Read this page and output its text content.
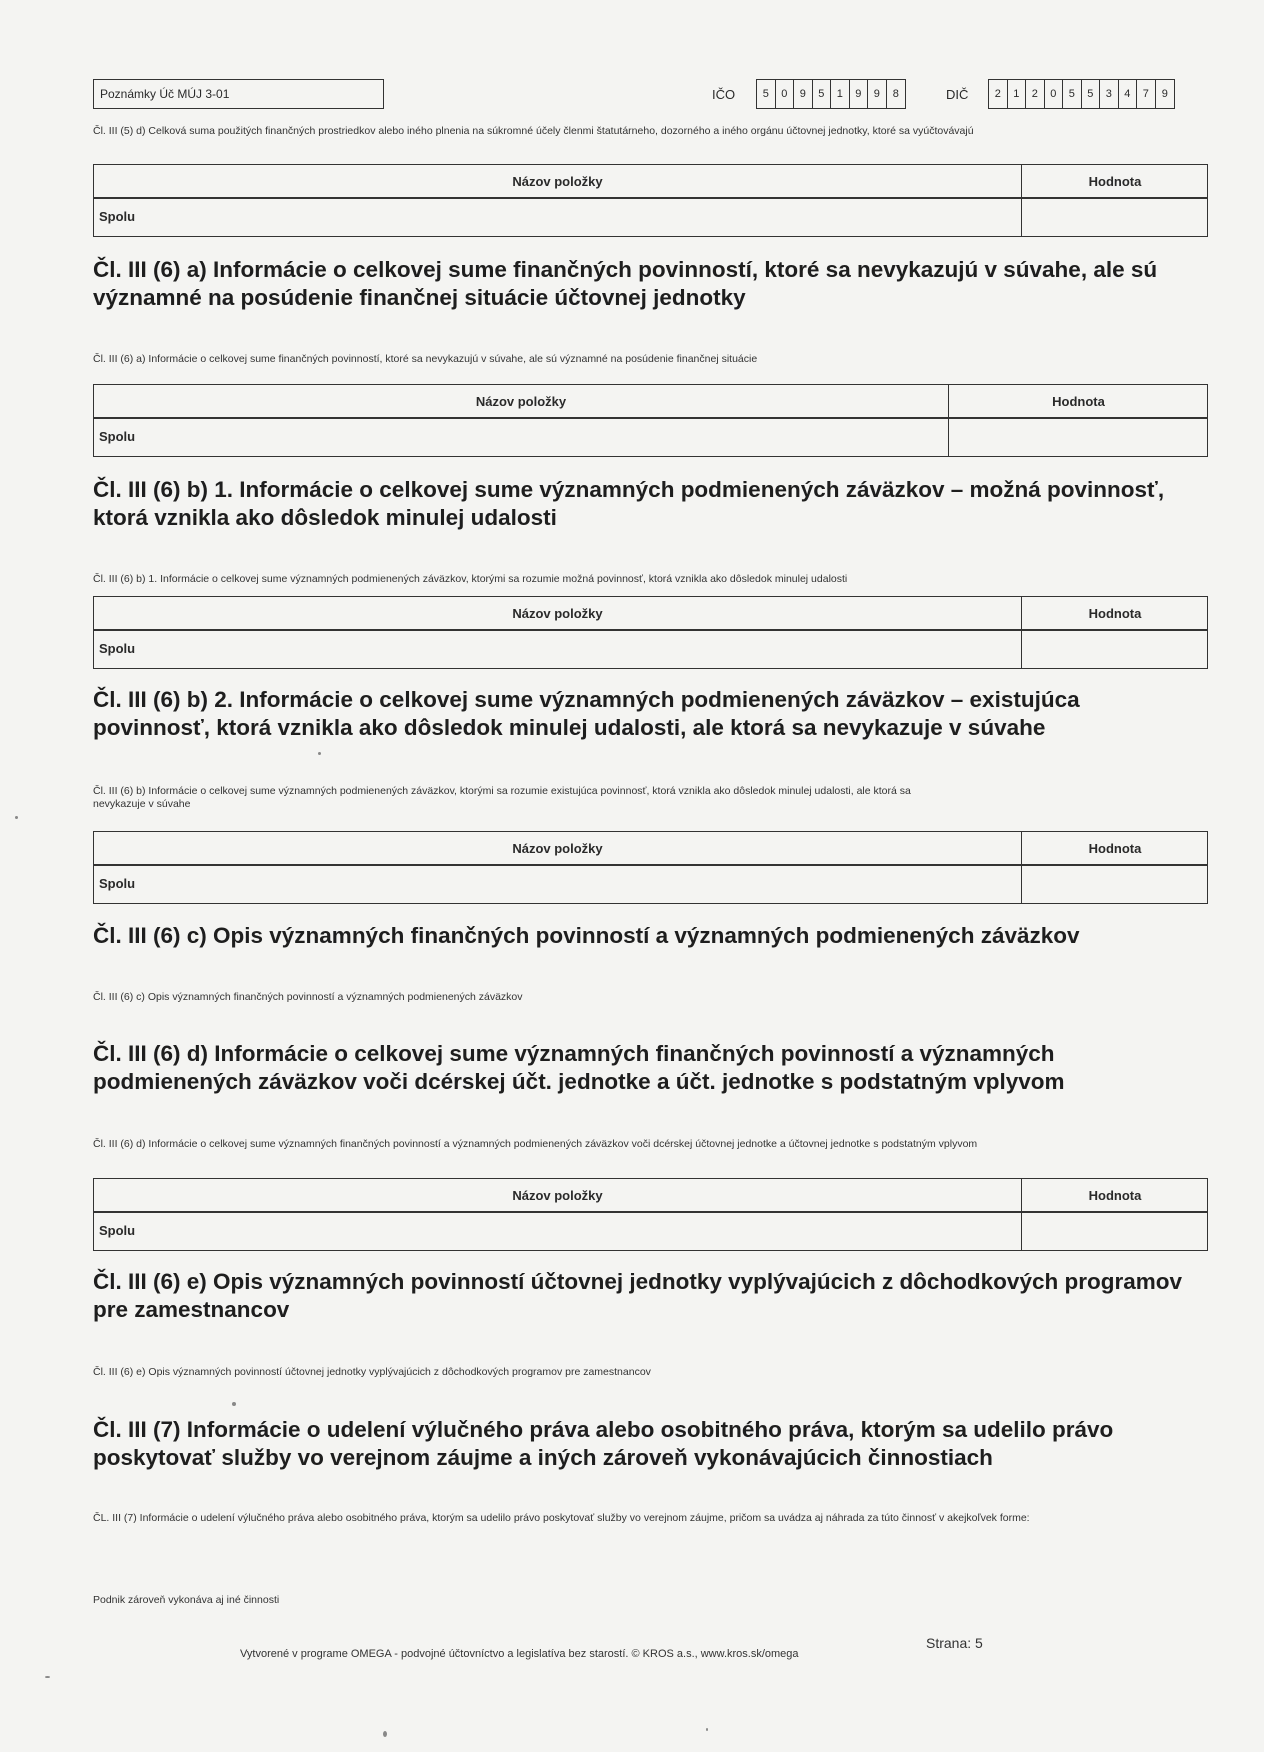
Poznámky Úč MÚJ 3-01	IČO	5	0	9	5	1	9	9	8	DIČ	2	1	2	0	5	5	3	4	7	9
Čl. III (5) d) Celková suma použitých finančných prostriedkov alebo iného plnenia na súkromné účely členmi štatutárneho, dozorného a iného orgánu účtovnej jednotky, ktoré sa vyúčtovávajú
Názov položky	Hodnota
Spolu
Čl. III (6) a) Informácie o celkovej sume finančných povinností, ktoré sa nevykazujú v súvahe, ale sú významné na posúdenie finančnej situácie účtovnej jednotky
Čl. III (6) a) Informácie o celkovej sume finančných povinností, ktoré sa nevykazujú v súvahe, ale sú významné na posúdenie finančnej situácie
Názov položky	Hodnota
Spolu
Čl. III (6) b) 1. Informácie o celkovej sume významných podmienených záväzkov – možná povinnosť, ktorá vznikla ako dôsledok minulej udalosti
Čl. III (6) b) 1. Informácie o celkovej sume významných podmienených záväzkov, ktorými sa rozumie možná povinnosť, ktorá vznikla ako dôsledok minulej udalosti
Názov položky	Hodnota
Spolu
Čl. III (6) b) 2. Informácie o celkovej sume významných podmienených záväzkov – existujúca povinnosť, ktorá vznikla ako dôsledok minulej udalosti, ale ktorá sa nevykazuje v súvahe
Čl. III (6) b) Informácie o celkovej sume významných podmienených záväzkov, ktorými sa rozumie existujúca povinnosť, ktorá vznikla ako dôsledok minulej udalosti, ale ktorá sa nevykazuje v súvahe
Názov položky	Hodnota
Spolu
Čl. III (6) c) Opis významných finančných povinností a významných podmienených záväzkov
Čl. III (6) c) Opis významných finančných povinností a významných podmienených záväzkov
Čl. III (6) d) Informácie o celkovej sume významných finančných povinností a významných podmienených záväzkov voči dcérskej účt. jednotke a účt. jednotke s podstatným vplyvom
Čl. III (6) d) Informácie o celkovej sume významných finančných povinností a významných podmienených záväzkov voči dcérskej účtovnej jednotke a účtovnej jednotke s podstatným vplyvom
Názov položky	Hodnota
Spolu
Čl. III (6) e) Opis významných povinností účtovnej jednotky vyplývajúcich z dôchodkových programov pre zamestnancov
Čl. III (6) e) Opis významných povinností účtovnej jednotky vyplývajúcich z dôchodkových programov pre zamestnancov
Čl. III (7) Informácie o udelení výlučného práva alebo osobitného práva, ktorým sa udelilo právo poskytovať služby vo verejnom záujme a iných zároveň vykonávajúcich činnostiach
ČL. III (7) Informácie o udelení výlučného práva alebo osobitného práva, ktorým sa udelilo právo poskytovať služby vo verejnom záujme, pričom sa uvádza aj náhrada za túto činnosť v akejkoľvek forme:
Podnik zároveň vykonáva aj iné činnosti
Vytvorené v programe OMEGA - podvojné účtovníctvo a legislatíva bez starostí. © KROS a.s., www.kros.sk/omega
Strana: 5
